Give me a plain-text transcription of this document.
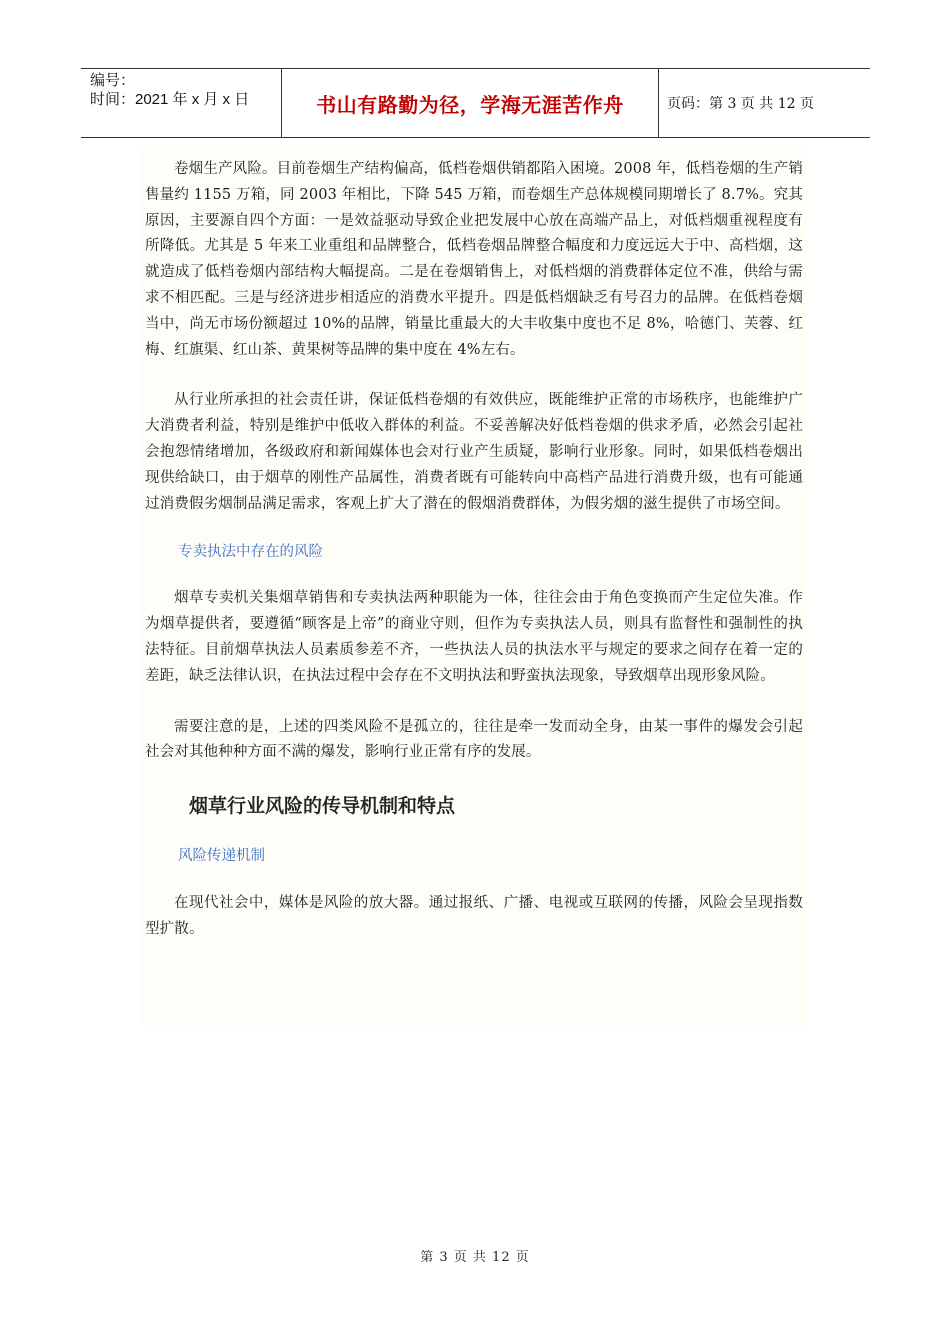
编号：
时间：2021 年 x 月 x 日	书山有路勤为径，学海无涯苦作舟	页码：第 3 页 共 12 页

卷烟生产风险。目前卷烟生产结构偏高，低档卷烟供销都陷入困境。2008 年，低档卷烟的生产销售量约 1155 万箱，同 2003 年相比，下降 545 万箱，而卷烟生产总体规模同期增长了 8.7%。究其原因，主要源自四个方面：一是效益驱动导致企业把发展中心放在高端产品上，对低档烟重视程度有所降低。尤其是 5 年来工业重组和品牌整合，低档卷烟品牌整合幅度和力度远远大于中、高档烟，这就造成了低档卷烟内部结构大幅提高。二是在卷烟销售上，对低档烟的消费群体定位不准，供给与需求不相匹配。三是与经济进步相适应的消费水平提升。四是低档烟缺乏有号召力的品牌。在低档卷烟当中，尚无市场份额超过 10%的品牌，销量比重最大的大丰收集中度也不足 8%，哈德门、芙蓉、红梅、红旗渠、红山茶、黄果树等品牌的集中度在 4%左右。

从行业所承担的社会责任讲，保证低档卷烟的有效供应，既能维护正常的市场秩序，也能维护广大消费者利益，特别是维护中低收入群体的利益。不妥善解决好低档卷烟的供求矛盾，必然会引起社会抱怨情绪增加，各级政府和新闻媒体也会对行业产生质疑，影响行业形象。同时，如果低档卷烟出现供给缺口，由于烟草的刚性产品属性，消费者既有可能转向中高档产品进行消费升级，也有可能通过消费假劣烟制品满足需求，客观上扩大了潜在的假烟消费群体，为假劣烟的滋生提供了市场空间。

专卖执法中存在的风险

烟草专卖机关集烟草销售和专卖执法两种职能为一体，往往会由于角色变换而产生定位失准。作为烟草提供者，要遵循“顾客是上帝”的商业守则，但作为专卖执法人员，则具有监督性和强制性的执法特征。目前烟草执法人员素质参差不齐，一些执法人员的执法水平与规定的要求之间存在着一定的差距，缺乏法律认识，在执法过程中会存在不文明执法和野蛮执法现象，导致烟草出现形象风险。

需要注意的是，上述的四类风险不是孤立的，往往是牵一发而动全身，由某一事件的爆发会引起社会对其他种种方面不满的爆发，影响行业正常有序的发展。

烟草行业风险的传导机制和特点

风险传递机制

在现代社会中，媒体是风险的放大器。通过报纸、广播、电视或互联网的传播，风险会呈现指数型扩散。

第 3 页 共 12 页
